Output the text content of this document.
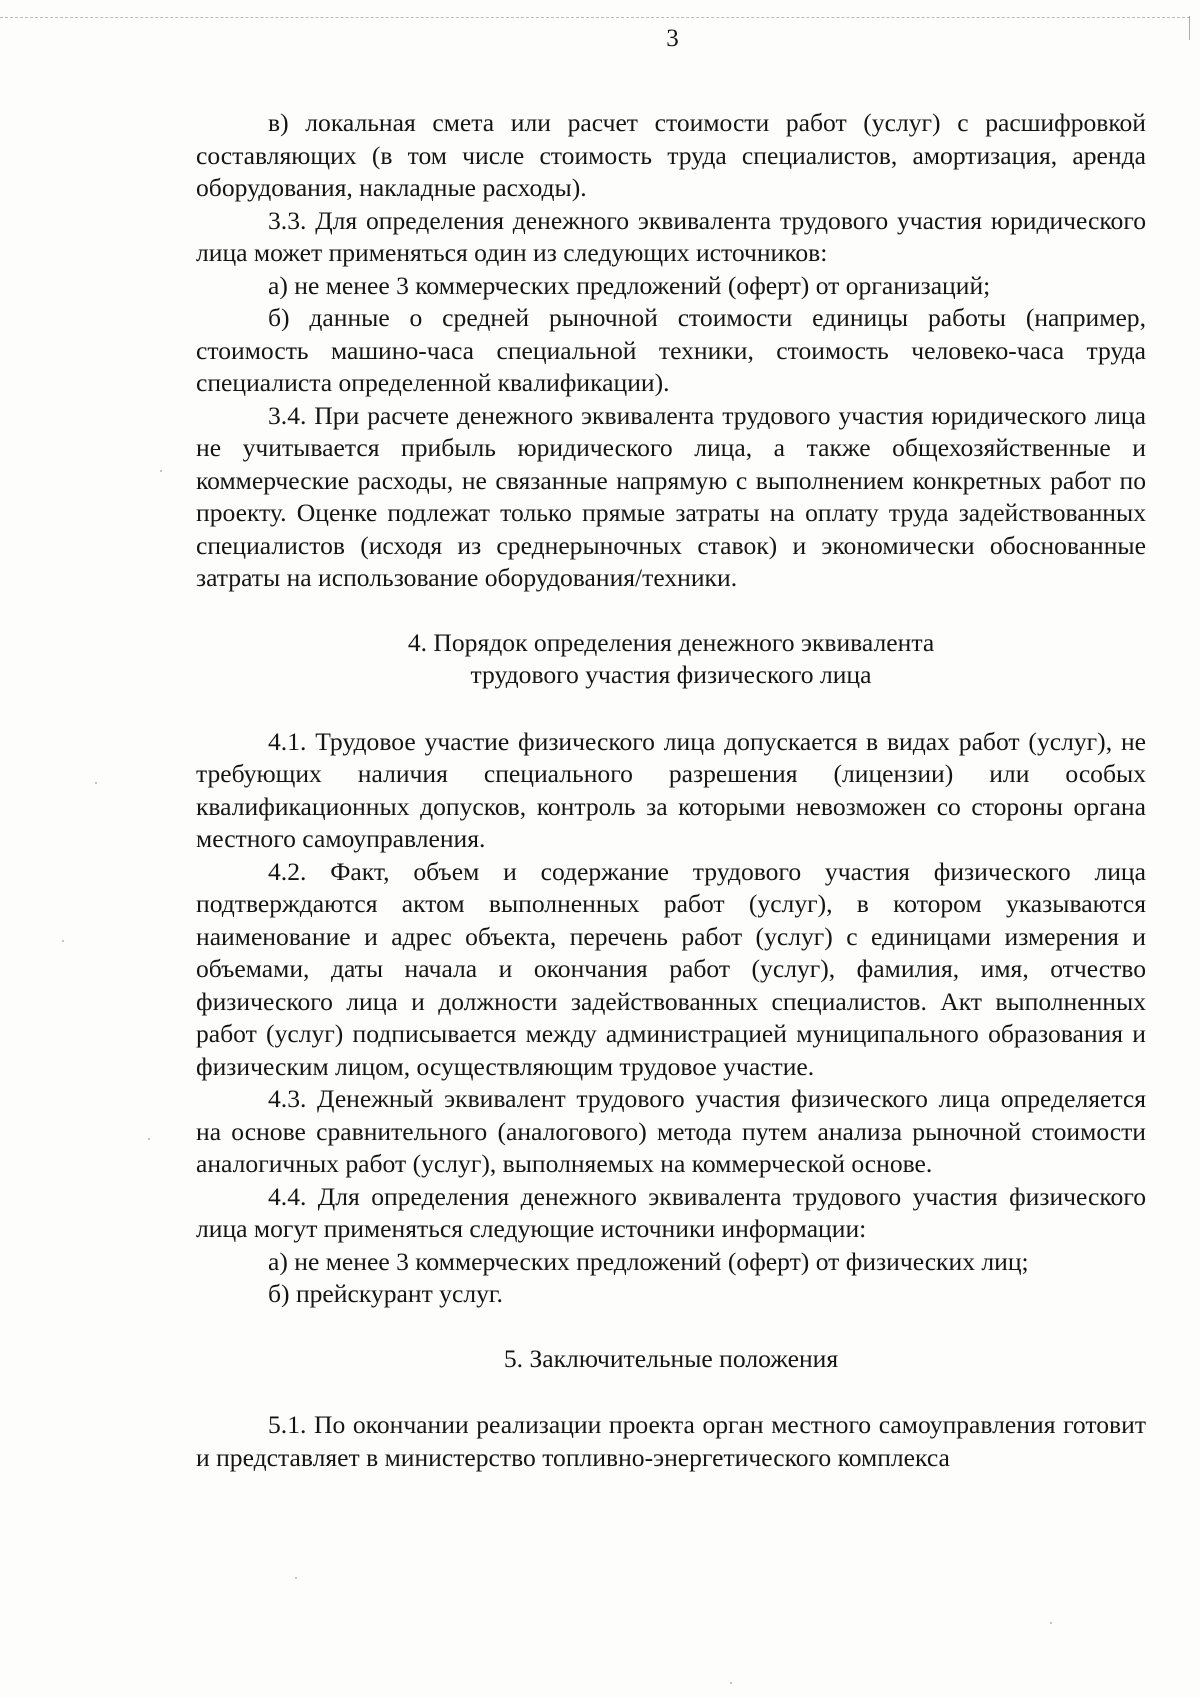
3

в) локальная смета или расчет стоимости работ (услуг) с расшифровкой составляющих (в том числе стоимость труда специалистов, амортизация, аренда оборудования, накладные расходы).

3.3. Для определения денежного эквивалента трудового участия юридического лица может применяться один из следующих источников:

а) не менее 3 коммерческих предложений (оферт) от организаций;

б) данные о средней рыночной стоимости единицы работы (например, стоимость машино-часа специальной техники, стоимость человеко-часа труда специалиста определенной квалификации).

3.4. При расчете денежного эквивалента трудового участия юридического лица не учитывается прибыль юридического лица, а также общехозяйственные и коммерческие расходы, не связанные напрямую с выполнением конкретных работ по проекту. Оценке подлежат только прямые затраты на оплату труда задействованных специалистов (исходя из среднерыночных ставок) и экономически обоснованные затраты на использование оборудования/техники.

4. Порядок определения денежного эквивалента

трудового участия физического лица

4.1. Трудовое участие физического лица допускается в видах работ (услуг), не требующих наличия специального разрешения (лицензии) или особых квалификационных допусков, контроль за которыми невозможен со стороны органа местного самоуправления.

4.2. Факт, объем и содержание трудового участия физического лица подтверждаются актом выполненных работ (услуг), в котором указываются наименование и адрес объекта, перечень работ (услуг) с единицами измерения и объемами, даты начала и окончания работ (услуг), фамилия, имя, отчество физического лица и должности задействованных специалистов. Акт выполненных работ (услуг) подписывается между администрацией муниципального образования и физическим лицом, осуществляющим трудовое участие.

4.3. Денежный эквивалент трудового участия физического лица определяется на основе сравнительного (аналогового) метода путем анализа рыночной стоимости аналогичных работ (услуг), выполняемых на коммерческой основе.

4.4. Для определения денежного эквивалента трудового участия физического лица могут применяться следующие источники информации:

а) не менее 3 коммерческих предложений (оферт) от физических лиц;

б) прейскурант услуг.

5. Заключительные положения

5.1. По окончании реализации проекта орган местного самоуправления готовит и представляет в министерство топливно-энергетического комплекса
